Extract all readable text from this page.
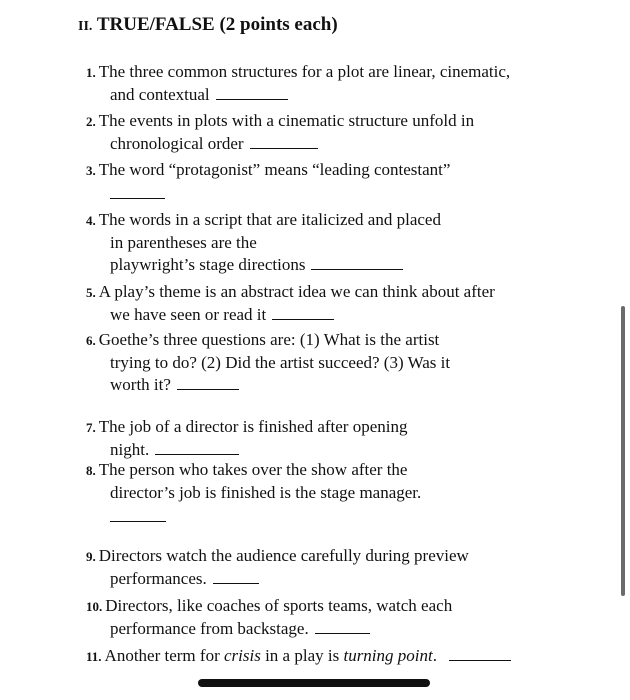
II. TRUE/FALSE (2 points each)
1. The three common structures for a plot are linear, cinematic,
and contextual
2. The events in plots with a cinematic structure unfold in
chronological order
3. The word “protagonist” means “leading contestant”
4. The words in a script that are italicized and placed
in parentheses are the
playwright’s stage directions
5. A play’s theme is an abstract idea we can think about after
we have seen or read it
6. Goethe’s three questions are: (1) What is the artist
trying to do? (2) Did the artist succeed? (3) Was it
worth it?
7. The job of a director is finished after opening
night.
8. The person who takes over the show after the
director’s job is finished is the stage manager.
9. Directors watch the audience carefully during preview
performances.
10. Directors, like coaches of sports teams, watch each
performance from backstage.
11. Another term for crisis in a play is turning point.
